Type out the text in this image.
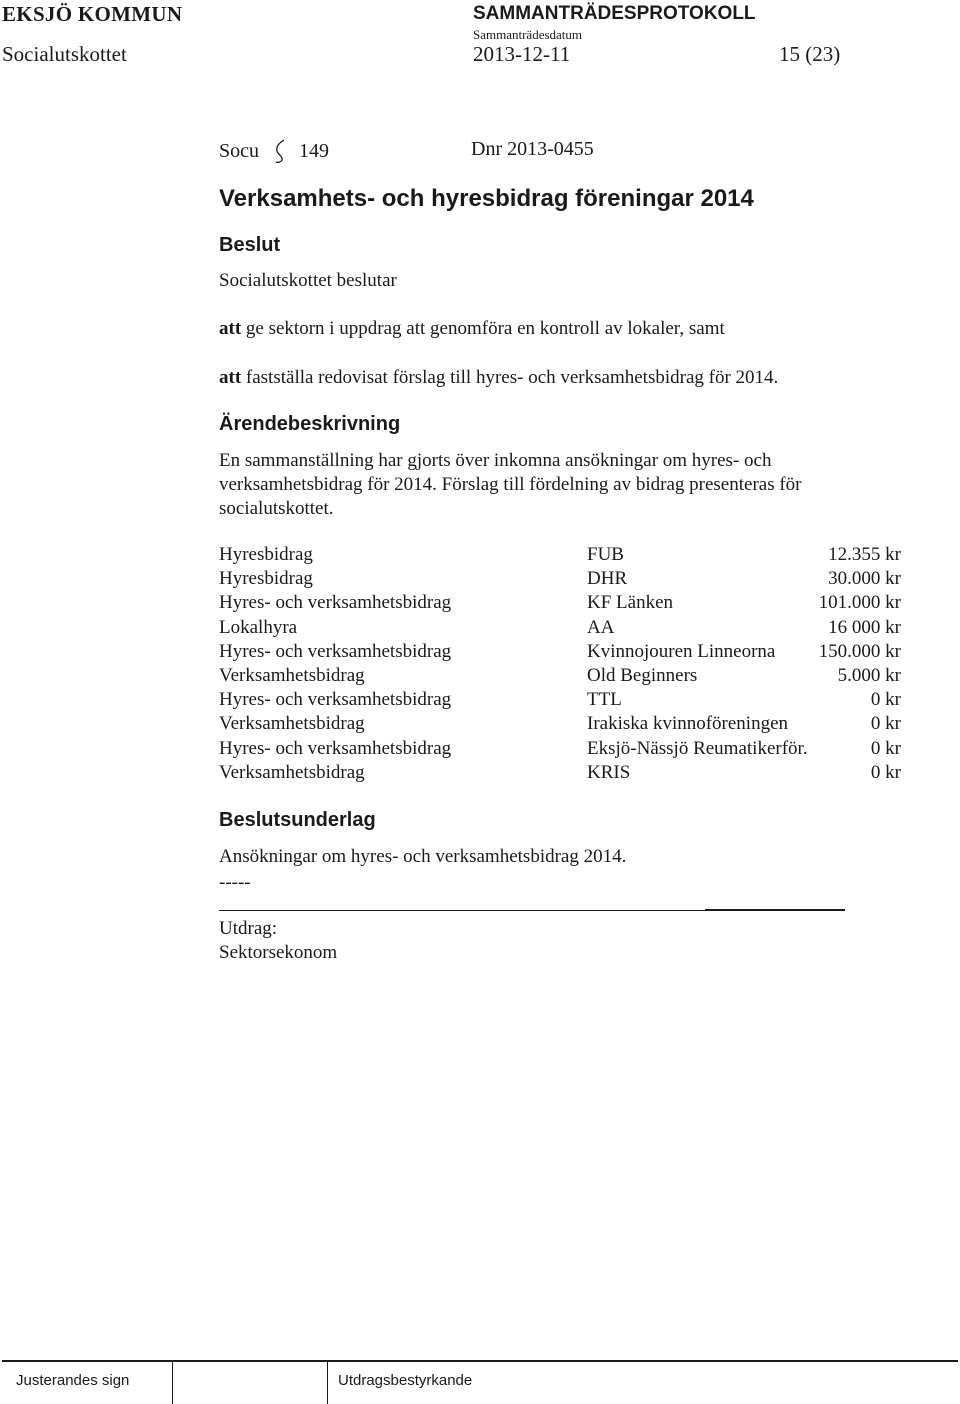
EKSJÖ KOMMUN	SAMMANTRÄDESPROTOKOLL
Sammanträdesdatum
Socialutskottet	2013-12-11	15 (23)
Socu 149	Dnr 2013-0455
Verksamhets- och hyresbidrag föreningar 2014
Beslut
Socialutskottet beslutar
att ge sektorn i uppdrag att genomföra en kontroll av lokaler, samt
att fastställa redovisat förslag till hyres- och verksamhetsbidrag för 2014.
Ärendebeskrivning
En sammanställning har gjorts över inkomna ansökningar om hyres- och
verksamhetsbidrag för 2014. Förslag till fördelning av bidrag presenteras för
socialutskottet.
Hyresbidrag	FUB	12.355 kr
Hyresbidrag	DHR	30.000 kr
Hyres- och verksamhetsbidrag	KF Länken	101.000 kr
Lokalhyra	AA	16 000 kr
Hyres- och verksamhetsbidrag	Kvinnojouren Linneorna 150.000 kr
Verksamhetsbidrag	Old Beginners	5.000 kr
Hyres- och verksamhetsbidrag	TTL	0 kr
Verksamhetsbidrag	Irakiska kvinnoföreningen	0 kr
Hyres- och verksamhetsbidrag	Eksjö-Nässjö Reumatikerför.	0 kr
Verksamhetsbidrag	KRIS	0 kr
Beslutsunderlag
Ansökningar om hyres- och verksamhetsbidrag 2014.
-----
Utdrag:
Sektorsekonom
Justerandes sign	Utdragsbestyrkande
